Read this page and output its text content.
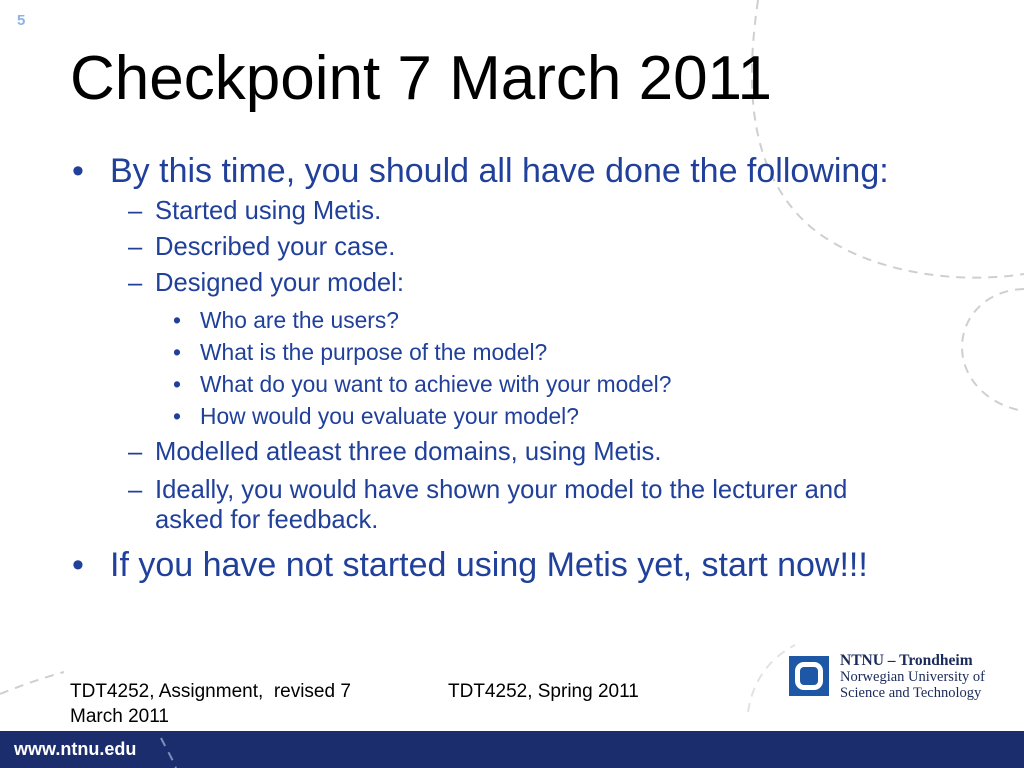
5
Checkpoint 7 March 2011
• By this time, you should all have done the following:
– Started using Metis.
– Described your case.
– Designed your model:
• Who are the users?
• What is the purpose of the model?
• What do you want to achieve with your model?
• How would you evaluate your model?
– Modelled atleast three domains, using Metis.
– Ideally, you would have shown your model to the lecturer and asked for feedback.
• If you have not started using Metis yet, start now!!!
TDT4252, Assignment,  revised 7
March 2011
TDT4252, Spring 2011
www.ntnu.edu
NTNU – Trondheim
Norwegian University of
Science and Technology
